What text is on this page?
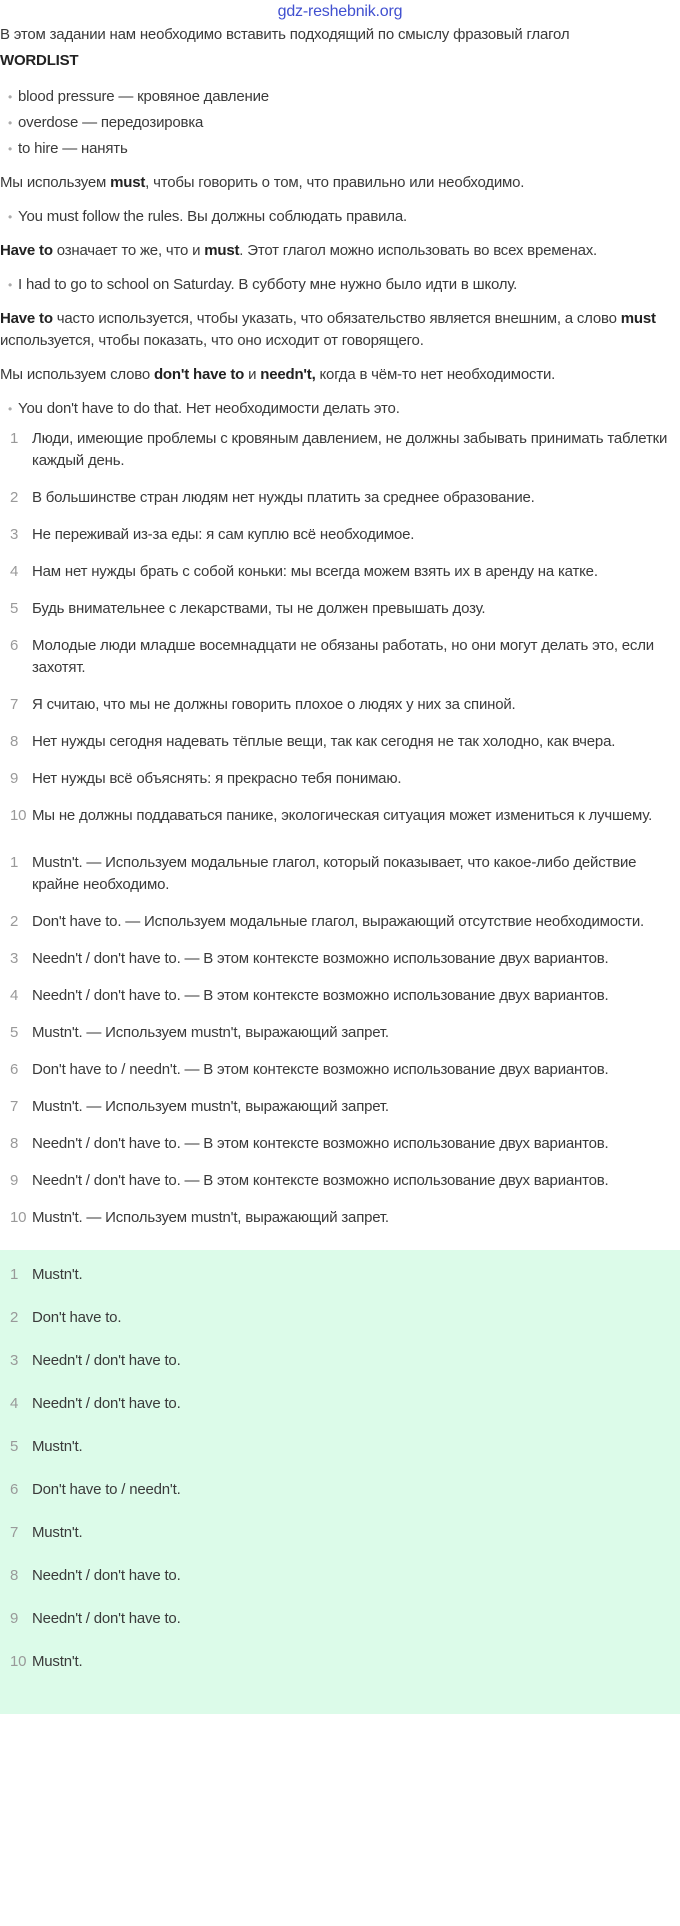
gdz-reshebnik.org
В этом задании нам необходимо вставить подходящий по смыслу фразовый глагол
WORDLIST
• blood pressure — кровяное давление
• overdose — передозировка
• to hire — нанять
Мы используем must, чтобы говорить о том, что правильно или необходимо.
• You must follow the rules. Вы должны соблюдать правила.
Have to означает то же, что и must. Этот глагол можно использовать во всех временах.
• I had to go to school on Saturday. В субботу мне нужно было идти в школу.
Have to часто используется, чтобы указать, что обязательство является внешним, а слово must используется, чтобы показать, что оно исходит от говорящего.
Мы используем слово don't have to и needn't, когда в чём-то нет необходимости.
• You don't have to do that. Нет необходимости делать это.
1 Люди, имеющие проблемы с кровяным давлением, не должны забывать принимать таблетки каждый день.
2 В большинстве стран людям нет нужды платить за среднее образование.
3 Не переживай из-за еды: я сам куплю всё необходимое.
4 Нам нет нужды брать с собой коньки: мы всегда можем взять их в аренду на катке.
5 Будь внимательнее с лекарствами, ты не должен превышать дозу.
6 Молодые люди младше восемнадцати не обязаны работать, но они могут делать это, если захотят.
7 Я считаю, что мы не должны говорить плохое о людях у них за спиной.
8 Нет нужды сегодня надевать тёплые вещи, так как сегодня не так холодно, как вчера.
9 Нет нужды всё объяснять: я прекрасно тебя понимаю.
10 Мы не должны поддаваться панике, экологическая ситуация может измениться к лучшему.
1 Mustn't. — Используем модальные глагол, который показывает, что какое-либо действие крайне необходимо.
2 Don't have to. — Используем модальные глагол, выражающий отсутствие необходимости.
3 Needn't / don't have to. — В этом контексте возможно использование двух вариантов.
4 Needn't / don't have to. — В этом контексте возможно использование двух вариантов.
5 Mustn't. — Используем mustn't, выражающий запрет.
6 Don't have to / needn't. — В этом контексте возможно использование двух вариантов.
7 Mustn't. — Используем mustn't, выражающий запрет.
8 Needn't / don't have to. — В этом контексте возможно использование двух вариантов.
9 Needn't / don't have to. — В этом контексте возможно использование двух вариантов.
10 Mustn't. — Используем mustn't, выражающий запрет.
1 Mustn't.
2 Don't have to.
3 Needn't / don't have to.
4 Needn't / don't have to.
5 Mustn't.
6 Don't have to / needn't.
7 Mustn't.
8 Needn't / don't have to.
9 Needn't / don't have to.
10 Mustn't.
